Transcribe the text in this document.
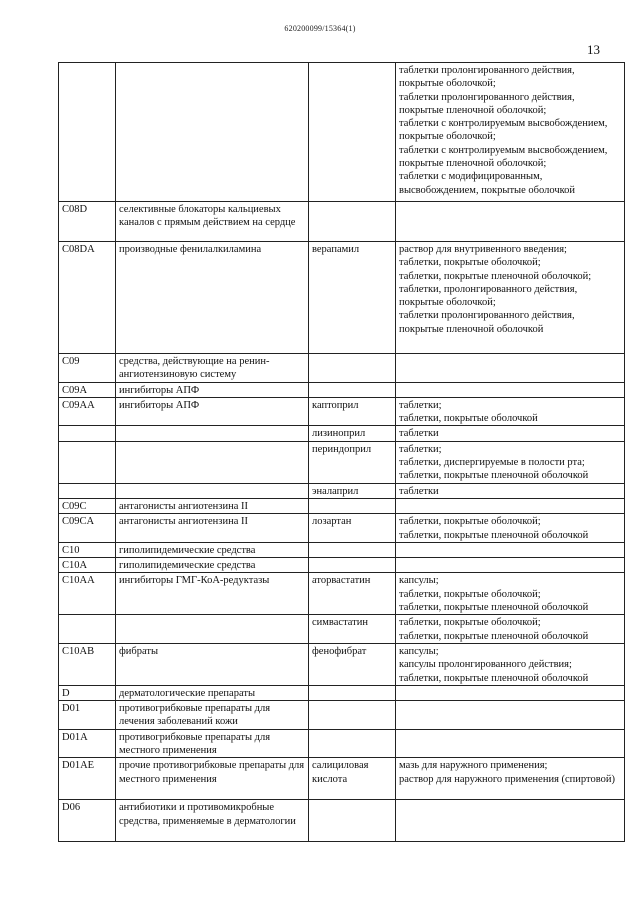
620200099/15364(1)
13

			таблетки пролонгированного действия, покрытые оболочкой;
таблетки пролонгированного действия, покрытые пленочной оболочкой;
таблетки с контролируемым высвобождением, покрытые оболочкой;
таблетки с контролируемым высвобождением, покрытые пленочной оболочкой;
таблетки с модифицированным, высвобождением, покрытые оболочкой

C08D	селективные блокаторы кальциевых каналов с прямым действием на сердце		

C08DA	производные фенилалкиламина	верапамил	раствор для внутривенного введения;
таблетки, покрытые оболочкой;
таблетки, покрытые пленочной оболочкой;
таблетки, пролонгированного действия, покрытые оболочкой;
таблетки пролонгированного действия, покрытые пленочной оболочкой

C09	средства, действующие на ренин-ангиотензиновую систему		

C09A	ингибиторы АПФ		

C09AA	ингибиторы АПФ	каптоприл	таблетки;
таблетки, покрытые оболочкой

		лизиноприл	таблетки

		периндоприл	таблетки;
таблетки, диспергируемые в полости рта;
таблетки, покрытые пленочной оболочкой

		эналаприл	таблетки

C09C	антагонисты ангиотензина II		

C09CA	антагонисты ангиотензина II	лозартан	таблетки, покрытые оболочкой;
таблетки, покрытые пленочной оболочкой

C10	гиполипидемические средства		

C10A	гиполипидемические средства		

C10AA	ингибиторы ГМГ-КоА-редуктазы	аторвастатин	капсулы;
таблетки, покрытые оболочкой;
таблетки, покрытые пленочной оболочкой

		симвастатин	таблетки, покрытые оболочкой;
таблетки, покрытые пленочной оболочкой

C10AB	фибраты	фенофибрат	капсулы;
капсулы пролонгированного действия;
таблетки, покрытые пленочной оболочкой

D	дерматологические препараты		

D01	противогрибковые препараты для лечения заболеваний кожи		

D01A	противогрибковые препараты для местного применения		

D01AE	прочие противогрибковые препараты для местного применения	салициловая кислота	мазь для наружного применения;
раствор для наружного применения (спиртовой)

D06	антибиотики и противомикробные средства, применяемые в дерматологии		
